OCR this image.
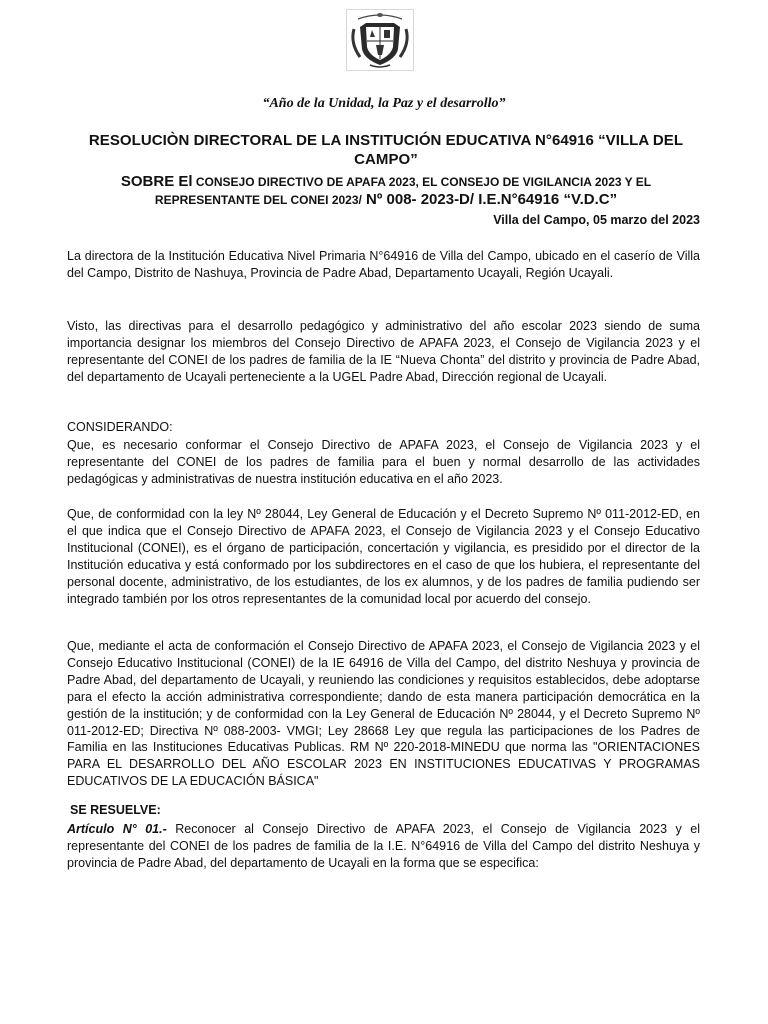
“Año de la Unidad, la Paz y el desarrollo”
RESOLUCIÒN DIRECTORAL DE LA INSTITUCIÓN EDUCATIVA N°64916 “VILLA DEL CAMPO”
SOBRE El CONSEJO DIRECTIVO DE APAFA 2023, EL CONSEJO DE VIGILANCIA 2023 Y EL REPRESENTANTE DEL CONEI 2023/ Nº 008- 2023-D/ I.E.N°64916 “V.D.C”
Villa del Campo, 05 marzo del 2023

La directora de la Institución Educativa Nivel Primaria N°64916 de Villa del Campo, ubicado en el caserío de Villa del Campo, Distrito de Nashuya, Provincia de Padre Abad, Departamento Ucayali, Región Ucayali.

Visto, las directivas para el desarrollo pedagógico y administrativo del año escolar 2023 siendo de suma importancia designar los miembros del Consejo Directivo de APAFA 2023, el Consejo de Vigilancia 2023 y el representante del CONEI de los padres de familia de la IE “Nueva Chonta” del distrito y provincia de Padre Abad, del departamento de Ucayali perteneciente a la UGEL Padre Abad, Dirección regional de Ucayali.

CONSIDERANDO:

Que, es necesario conformar el Consejo Directivo de APAFA 2023, el Consejo de Vigilancia 2023 y el representante del CONEI de los padres de familia para el buen y normal desarrollo de las actividades pedagógicas y administrativas de nuestra institución educativa en el año 2023.

Que, de conformidad con la ley Nº 28044, Ley General de Educación y el Decreto Supremo Nº 011-2012-ED, en el que indica que el Consejo Directivo de APAFA 2023, el Consejo de Vigilancia 2023 y el Consejo Educativo Institucional (CONEI), es el órgano de participación, concertación y vigilancia, es presidido por el director de la Institución educativa y está conformado por los subdirectores en el caso de que los hubiera, el representante del personal docente, administrativo, de los estudiantes, de los ex alumnos, y de los padres de familia pudiendo ser integrado también por los otros representantes de la comunidad local por acuerdo del consejo.

Que, mediante el acta de conformación el Consejo Directivo de APAFA 2023, el Consejo de Vigilancia 2023 y el Consejo Educativo Institucional (CONEI) de la IE 64916 de Villa del Campo, del distrito Neshuya y provincia de Padre Abad, del departamento de Ucayali, y reuniendo las condiciones y requisitos establecidos, debe adoptarse para el efecto la acción administrativa correspondiente; dando de esta manera participación democrática en la gestión de la institución; y de conformidad con la Ley General de Educación Nº 28044, y el Decreto Supremo Nº 011-2012-ED; Directiva Nº 088-2003- VMGI; Ley 28668 Ley que regula las participaciones de los Padres de Familia en las Instituciones Educativas Publicas. RM Nº 220-2018-MINEDU que norma las "ORIENTACIONES PARA EL DESARROLLO DEL AÑO ESCOLAR 2023 EN INSTITUCIONES EDUCATIVAS Y PROGRAMAS EDUCATIVOS DE LA EDUCACIÓN BÁSICA"

SE RESUELVE:

Artículo N° 01.- Reconocer al Consejo Directivo de APAFA 2023, el Consejo de Vigilancia 2023 y el representante del CONEI de los padres de familia de la I.E. N°64916 de Villa del Campo del distrito Neshuya y provincia de Padre Abad, del departamento de Ucayali en la forma que se especifica:
